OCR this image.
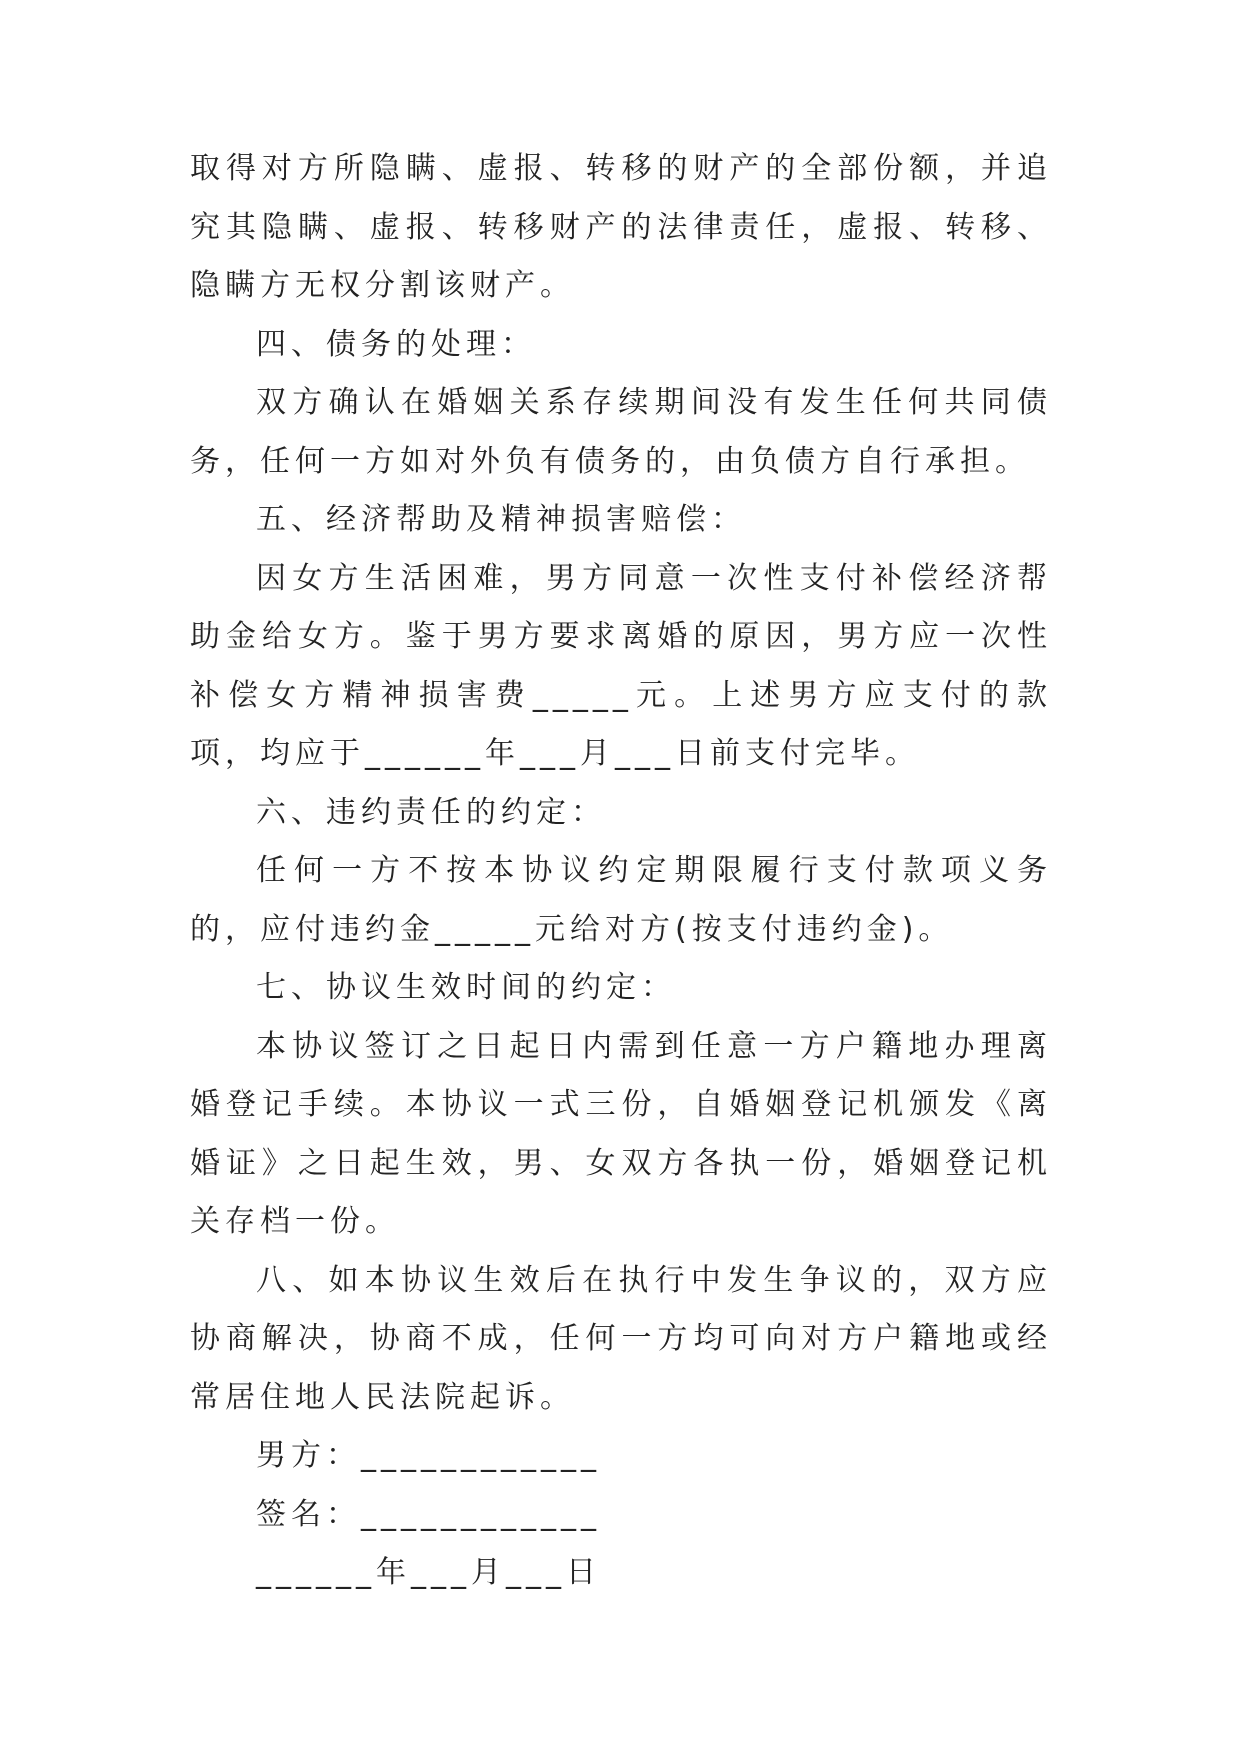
取得对方所隐瞒、虚报、转移的财产的全部份额，并追究其隐瞒、虚报、转移财产的法律责任，虚报、转移、隐瞒方无权分割该财产。

四、债务的处理：

双方确认在婚姻关系存续期间没有发生任何共同债务，任何一方如对外负有债务的，由负债方自行承担。

五、经济帮助及精神损害赔偿：

因女方生活困难，男方同意一次性支付补偿经济帮助金给女方。鉴于男方要求离婚的原因，男方应一次性补偿女方精神损害费_____元。上述男方应支付的款项，均应于______年___月___日前支付完毕。

六、违约责任的约定：

任何一方不按本协议约定期限履行支付款项义务的，应付违约金_____元给对方(按支付违约金)。

七、协议生效时间的约定：

本协议签订之日起日内需到任意一方户籍地办理离婚登记手续。本协议一式三份，自婚姻登记机颁发《离婚证》之日起生效，男、女双方各执一份，婚姻登记机关存档一份。

八、如本协议生效后在执行中发生争议的，双方应协商解决，协商不成，任何一方均可向对方户籍地或经常居住地人民法院起诉。

男方：____________

签名：____________

______年___月___日
